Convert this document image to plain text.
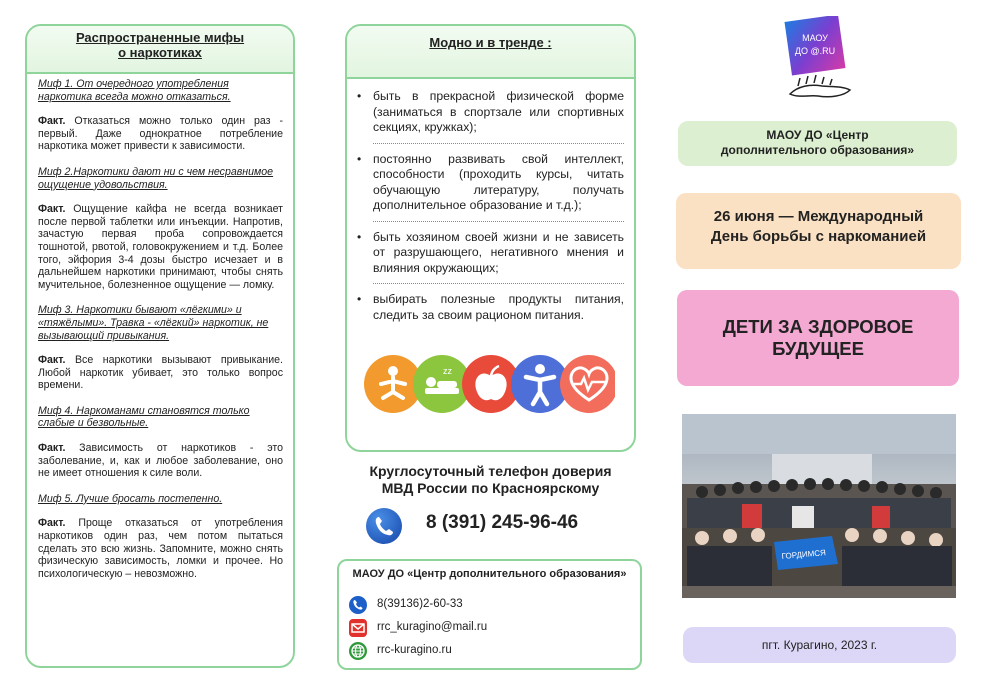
Распространенные мифы
о наркотиках

Миф 1. От очередного употребления наркотика всегда можно отказаться.

Факт. Отказаться можно только один раз - первый. Даже однократное потребление наркотика может привести к зависимости.

Миф 2.Наркотики дают ни с чем несравнимое ощущение удовольствия.

Факт. Ощущение кайфа не всегда возникает после первой таблетки или инъекции. Напротив, зачастую первая проба сопровождается тошнотой, рвотой, головокружением и т.д. Более того, эйфория 3-4 дозы быстро исчезает и в дальнейшем наркотики принимают, чтобы снять мучительное, болезненное ощущение — ломку.

Миф 3. Наркотики бывают «лёгкими» и «тяжёлыми». Травка - «лёгкий» наркотик, не вызывающий привыкания.

Факт. Все наркотики вызывают привыкание. Любой наркотик убивает, это только вопрос времени.

Миф 4. Наркоманами становятся только слабые и безвольные.

Факт. Зависимость от наркотиков - это заболевание, и, как и любое заболевание, оно не имеет отношения к силе воли.

Миф 5. Лучше бросать постепенно.

Факт. Проще отказаться от употребления наркотиков один раз, чем потом пытаться сделать это всю жизнь. Запомните, можно снять физическую зависимость, ломки и прочее. Но психологическую – невозможно.

Модно и в тренде :
• быть в прекрасной физической форме (заниматься в спортзале или спортивных секциях, кружках);
• постоянно развивать свой интеллект, способности (проходить курсы, читать обучающую литературу, получать дополнительное образование и т.д.);
• быть хозяином своей жизни и не зависеть от разрушающего, негативного мнения и влияния окружающих;
• выбирать полезные продукты питания, следить за своим рационом питания.
zz
Круглосуточный телефон доверия
МВД России по Красноярскому
8 (391) 245-96-46
МАОУ ДО «Центр дополнительного образования»
8(39136)2-60-33
rrc_kuragino@mail.ru
rrc-kuragino.ru
МАОУ
ДО @.RU
МАОУ ДО «Центр
дополнительного образования»
26 июня — Международный
День борьбы с наркоманией
ДЕТИ ЗА ЗДОРОВОЕ
БУДУЩЕЕ
ГОРДИМСЯ
пгт. Курагино, 2023 г.
